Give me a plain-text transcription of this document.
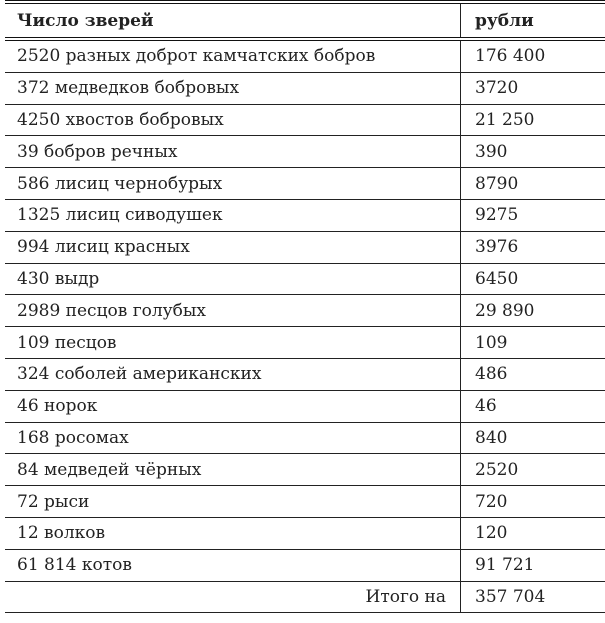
Число зверей	рубли
2520 разных доброт камчатских бобров	176 400
372 медведков бобровых	3720
4250 хвостов бобровых	21 250
39 бобров речных	390
586 лисиц чернобурых	8790
1325 лисиц сиводушек	9275
994 лисиц красных	3976
430 выдр	6450
2989 песцов голубых	29 890
109 песцов	109
324 соболей американских	486
46 норок	46
168 росомах	840
84 медведей чёрных	2520
72 рыси	720
12 волков	120
61 814 котов	91 721
Итого на	357 704
